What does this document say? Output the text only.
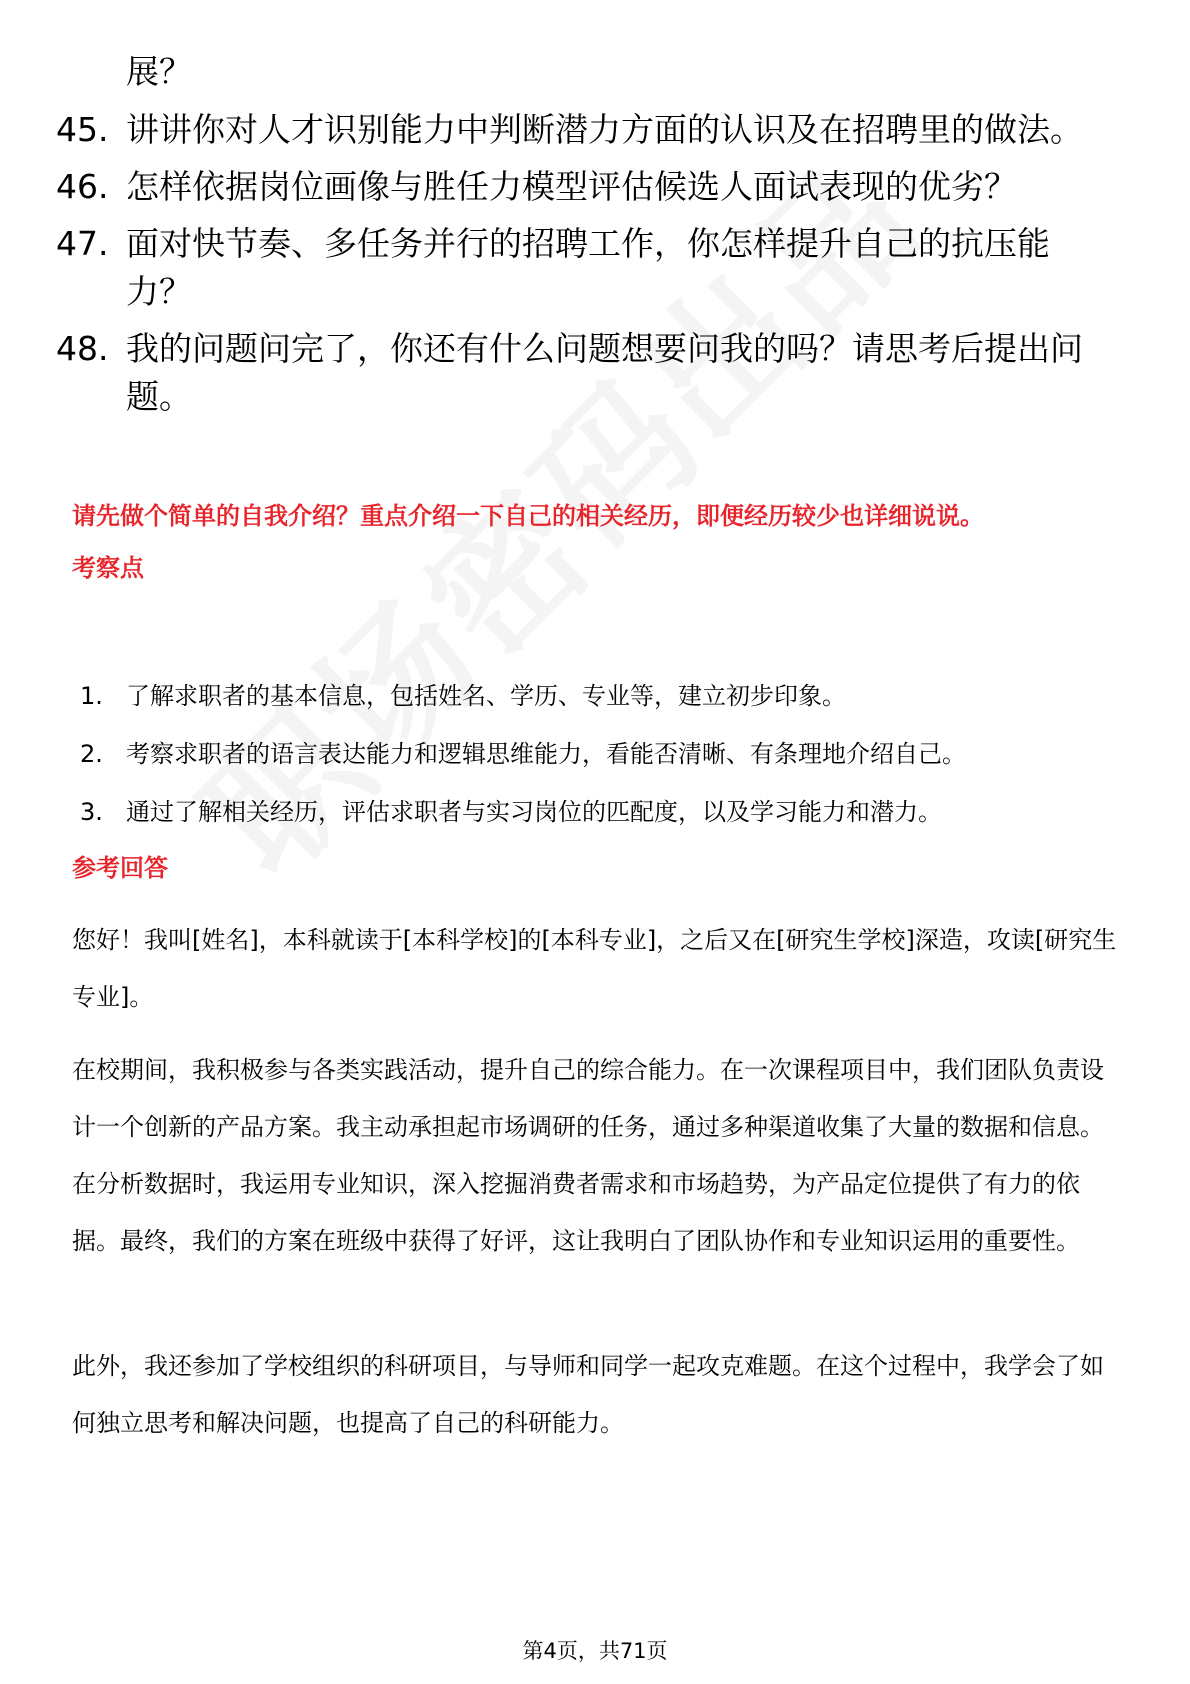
展？
45. 讲讲你对人才识别能力中判断潜力方面的认识及在招聘里的做法。
46. 怎样依据岗位画像与胜任力模型评估候选人面试表现的优劣？
47. 面对快节奏、多任务并行的招聘工作，你怎样提升自己的抗压能力？
48. 我的问题问完了，你还有什么问题想要问我的吗？请思考后提出问题。
请先做个简单的自我介绍？重点介绍一下自己的相关经历，即便经历较少也详细说说。
考察点
1. 了解求职者的基本信息，包括姓名、学历、专业等，建立初步印象。
2. 考察求职者的语言表达能力和逻辑思维能力，看能否清晰、有条理地介绍自己。
3. 通过了解相关经历，评估求职者与实习岗位的匹配度，以及学习能力和潜力。
参考回答

您好！我叫[姓名]，本科就读于[本科学校]的[本科专业]，之后又在[研究生学校]深造，攻读[研究生专业]。

在校期间，我积极参与各类实践活动，提升自己的综合能力。在一次课程项目中，我们团队负责设计一个创新的产品方案。我主动承担起市场调研的任务，通过多种渠道收集了大量的数据和信息。在分析数据时，我运用专业知识，深入挖掘消费者需求和市场趋势，为产品定位提供了有力的依据。最终，我们的方案在班级中获得了好评，这让我明白了团队协作和专业知识运用的重要性。

此外，我还参加了学校组织的科研项目，与导师和同学一起攻克难题。在这个过程中，我学会了如何独立思考和解决问题，也提高了自己的科研能力。

第4页，共71页
